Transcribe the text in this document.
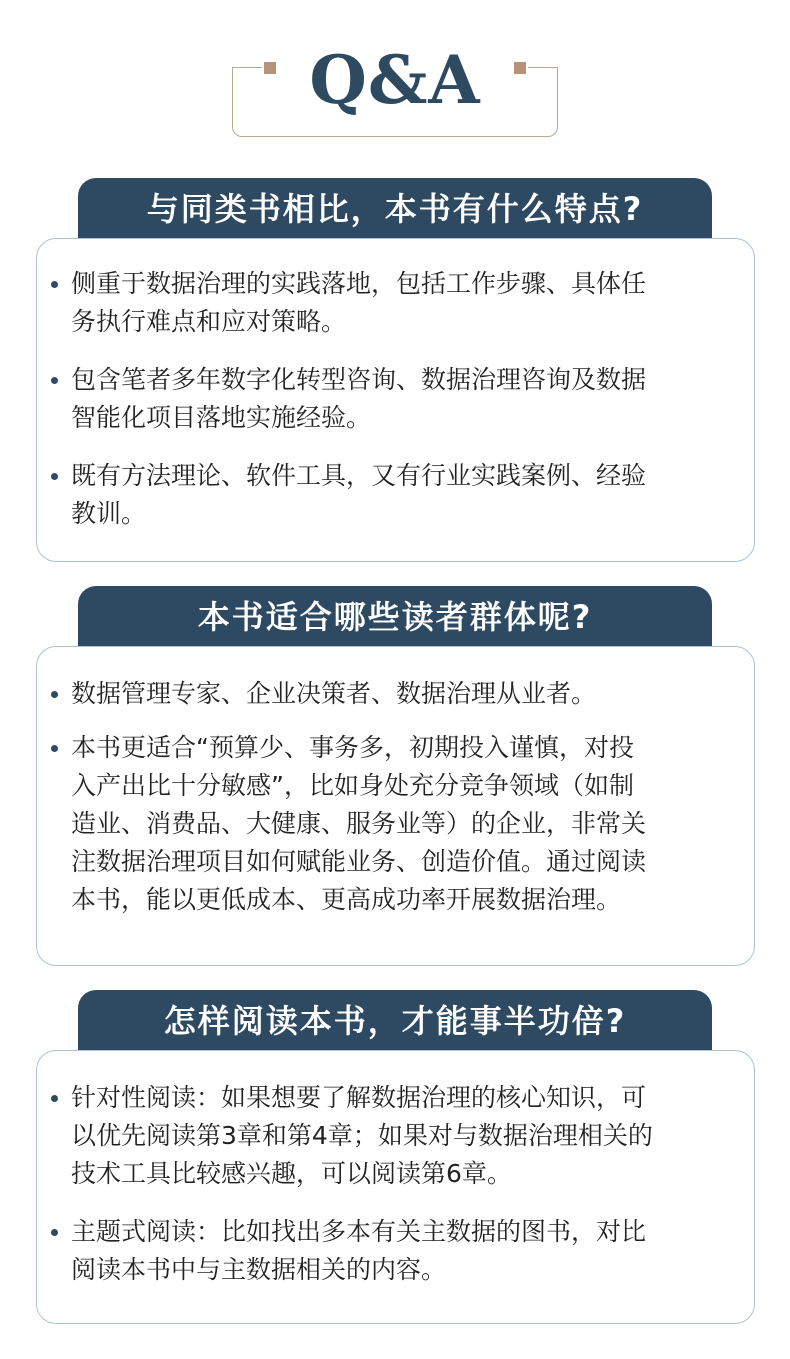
Q&A
与同类书相比，本书有什么特点?
侧重于数据治理的实践落地，包括工作步骤、具体任
务执行难点和应对策略。
包含笔者多年数字化转型咨询、数据治理咨询及数据
智能化项目落地实施经验。
既有方法理论、软件工具，又有行业实践案例、经验
教训。
本书适合哪些读者群体呢?
数据管理专家、企业决策者、数据治理从业者。
本书更适合“预算少、事务多，初期投入谨慎，对投
入产出比十分敏感”，比如身处充分竞争领域（如制
造业、消费品、大健康、服务业等）的企业，非常关
注数据治理项目如何赋能业务、创造价值。通过阅读
本书，能以更低成本、更高成功率开展数据治理。
怎样阅读本书，才能事半功倍?
针对性阅读：如果想要了解数据治理的核心知识，可
以优先阅读第3章和第4章；如果对与数据治理相关的
技术工具比较感兴趣，可以阅读第6章。
主题式阅读：比如找出多本有关主数据的图书，对比
阅读本书中与主数据相关的内容。
